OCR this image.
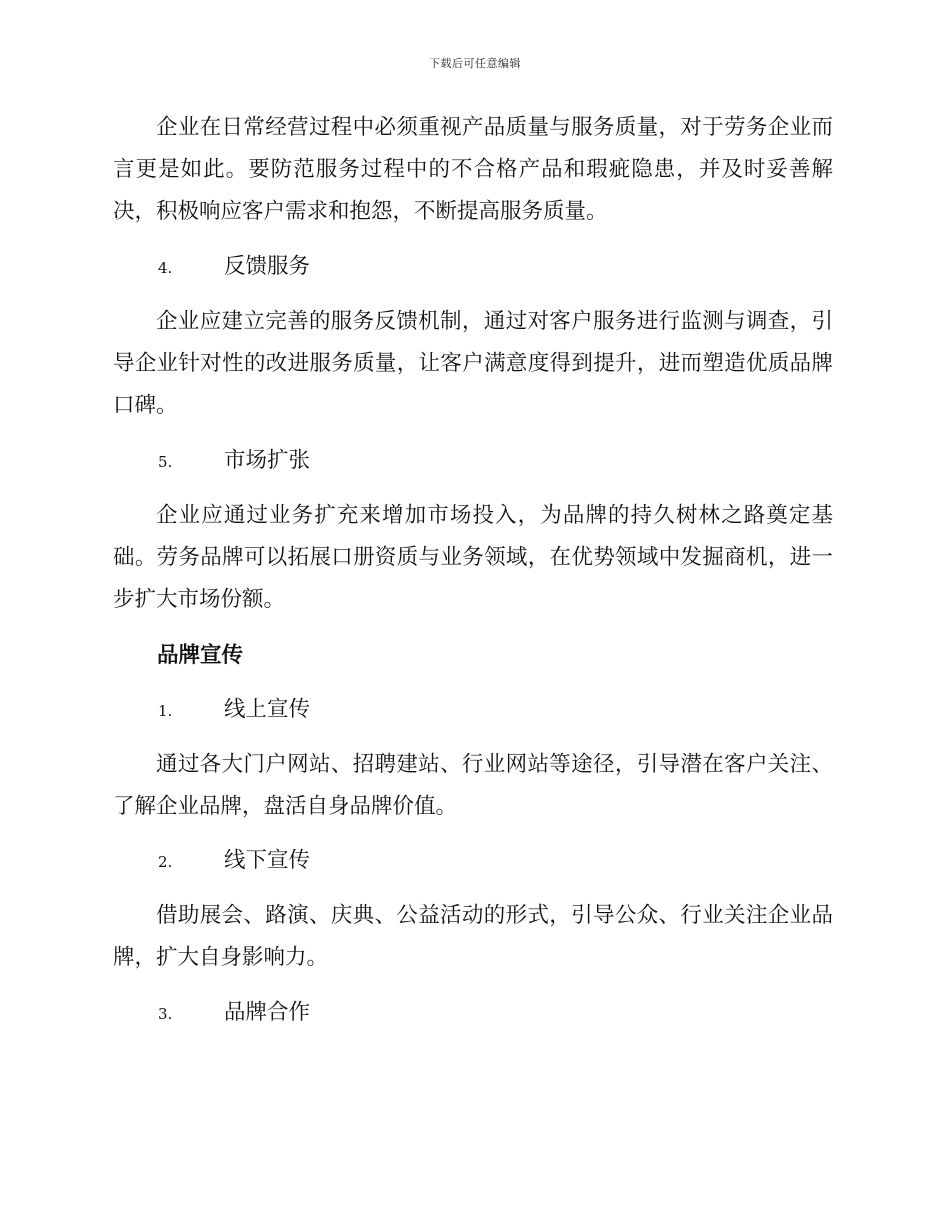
下载后可任意编辑

企业在日常经营过程中必须重视产品质量与服务质量，对于劳务企业而言更是如此。要防范服务过程中的不合格产品和瑕疵隐患，并及时妥善解决，积极响应客户需求和抱怨，不断提高服务质量。

4. 反馈服务

企业应建立完善的服务反馈机制，通过对客户服务进行监测与调查，引导企业针对性的改进服务质量，让客户满意度得到提升，进而塑造优质品牌口碑。

5. 市场扩张

企业应通过业务扩充来增加市场投入，为品牌的持久树林之路奠定基础。劳务品牌可以拓展口册资质与业务领域，在优势领域中发掘商机，进一步扩大市场份额。

品牌宣传
1. 线上宣传

通过各大门户网站、招聘建站、行业网站等途径，引导潜在客户关注、了解企业品牌，盘活自身品牌价值。

2. 线下宣传

借助展会、路演、庆典、公益活动的形式，引导公众、行业关注企业品牌，扩大自身影响力。

3. 品牌合作
